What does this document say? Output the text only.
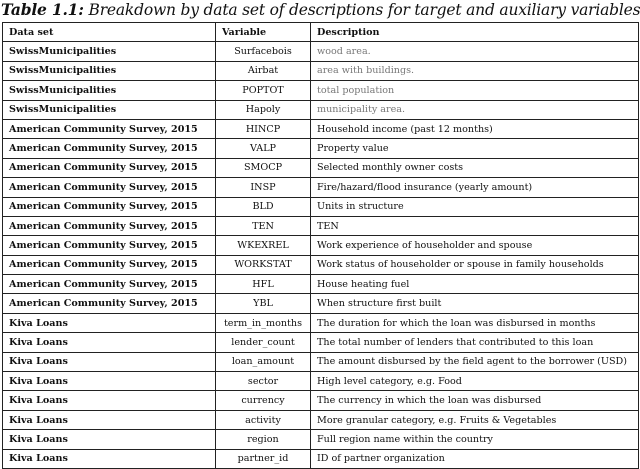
Table 1.1: Breakdown by data set of descriptions for target and auxiliary variables
Data set	Variable	Description
SwissMunicipalities	Surfacebois	wood area.
SwissMunicipalities	Airbat	area with buildings.
SwissMunicipalities	POPTOT	total population
SwissMunicipalities	Hapoly	municipality area.
American Community Survey, 2015	HINCP	Household income (past 12 months)
American Community Survey, 2015	VALP	Property value
American Community Survey, 2015	SMOCP	Selected monthly owner costs
American Community Survey, 2015	INSP	Fire/hazard/flood insurance (yearly amount)
American Community Survey, 2015	BLD	Units in structure
American Community Survey, 2015	TEN	TEN
American Community Survey, 2015	WKEXREL	Work experience of householder and spouse
American Community Survey, 2015	WORKSTAT	Work status of householder or spouse in family households
American Community Survey, 2015	HFL	House heating fuel
American Community Survey, 2015	YBL	When structure first built
Kiva Loans	term_in_months	The duration for which the loan was disbursed in months
Kiva Loans	lender_count	The total number of lenders that contributed to this loan
Kiva Loans	loan_amount	The amount disbursed by the field agent to the borrower (USD)
Kiva Loans	sector	High level category, e.g. Food
Kiva Loans	currency	The currency in which the loan was disbursed
Kiva Loans	activity	More granular category, e.g. Fruits & Vegetables
Kiva Loans	region	Full region name within the country
Kiva Loans	partner_id	ID of partner organization
